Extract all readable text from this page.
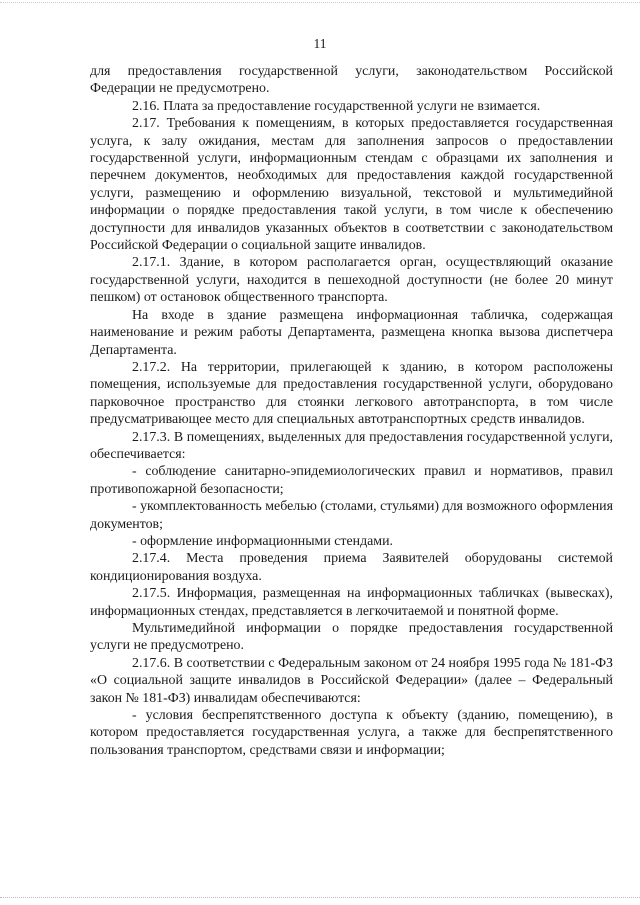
11

для предоставления государственной услуги, законодательством Российской Федерации не предусмотрено.

2.16. Плата за предоставление государственной услуги не взимается.

2.17. Требования к помещениям, в которых предоставляется государственная услуга, к залу ожидания, местам для заполнения запросов о предоставлении государственной услуги, информационным стендам с образцами их заполнения и перечнем документов, необходимых для предоставления каждой государственной услуги, размещению и оформлению визуальной, текстовой и мультимедийной информации о порядке предоставления такой услуги, в том числе к обеспечению доступности для инвалидов указанных объектов в соответствии с законодательством Российской Федерации о социальной защите инвалидов.

2.17.1. Здание, в котором располагается орган, осуществляющий оказание государственной услуги, находится в пешеходной доступности (не более 20 минут пешком) от остановок общественного транспорта.

На входе в здание размещена информационная табличка, содержащая наименование и режим работы Департамента, размещена кнопка вызова диспетчера Департамента.

2.17.2. На территории, прилегающей к зданию, в котором расположены помещения, используемые для предоставления государственной услуги, оборудовано парковочное пространство для стоянки легкового автотранспорта, в том числе предусматривающее место для специальных автотранспортных средств инвалидов.

2.17.3. В помещениях, выделенных для предоставления государственной услуги, обеспечивается:

- соблюдение санитарно-эпидемиологических правил и нормативов, правил противопожарной безопасности;

- укомплектованность мебелью (столами, стульями) для возможного оформления документов;

- оформление информационными стендами.

2.17.4. Места проведения приема Заявителей оборудованы системой кондиционирования воздуха.

2.17.5. Информация, размещенная на информационных табличках (вывесках), информационных стендах, представляется в легкочитаемой и понятной форме.

Мультимедийной информации о порядке предоставления государственной услуги не предусмотрено.

2.17.6. В соответствии с Федеральным законом от 24 ноября 1995 года № 181-ФЗ «О социальной защите инвалидов в Российской Федерации» (далее – Федеральный закон № 181-ФЗ) инвалидам обеспечиваются:

- условия беспрепятственного доступа к объекту (зданию, помещению), в котором предоставляется государственная услуга, а также для беспрепятственного пользования транспортом, средствами связи и информации;
